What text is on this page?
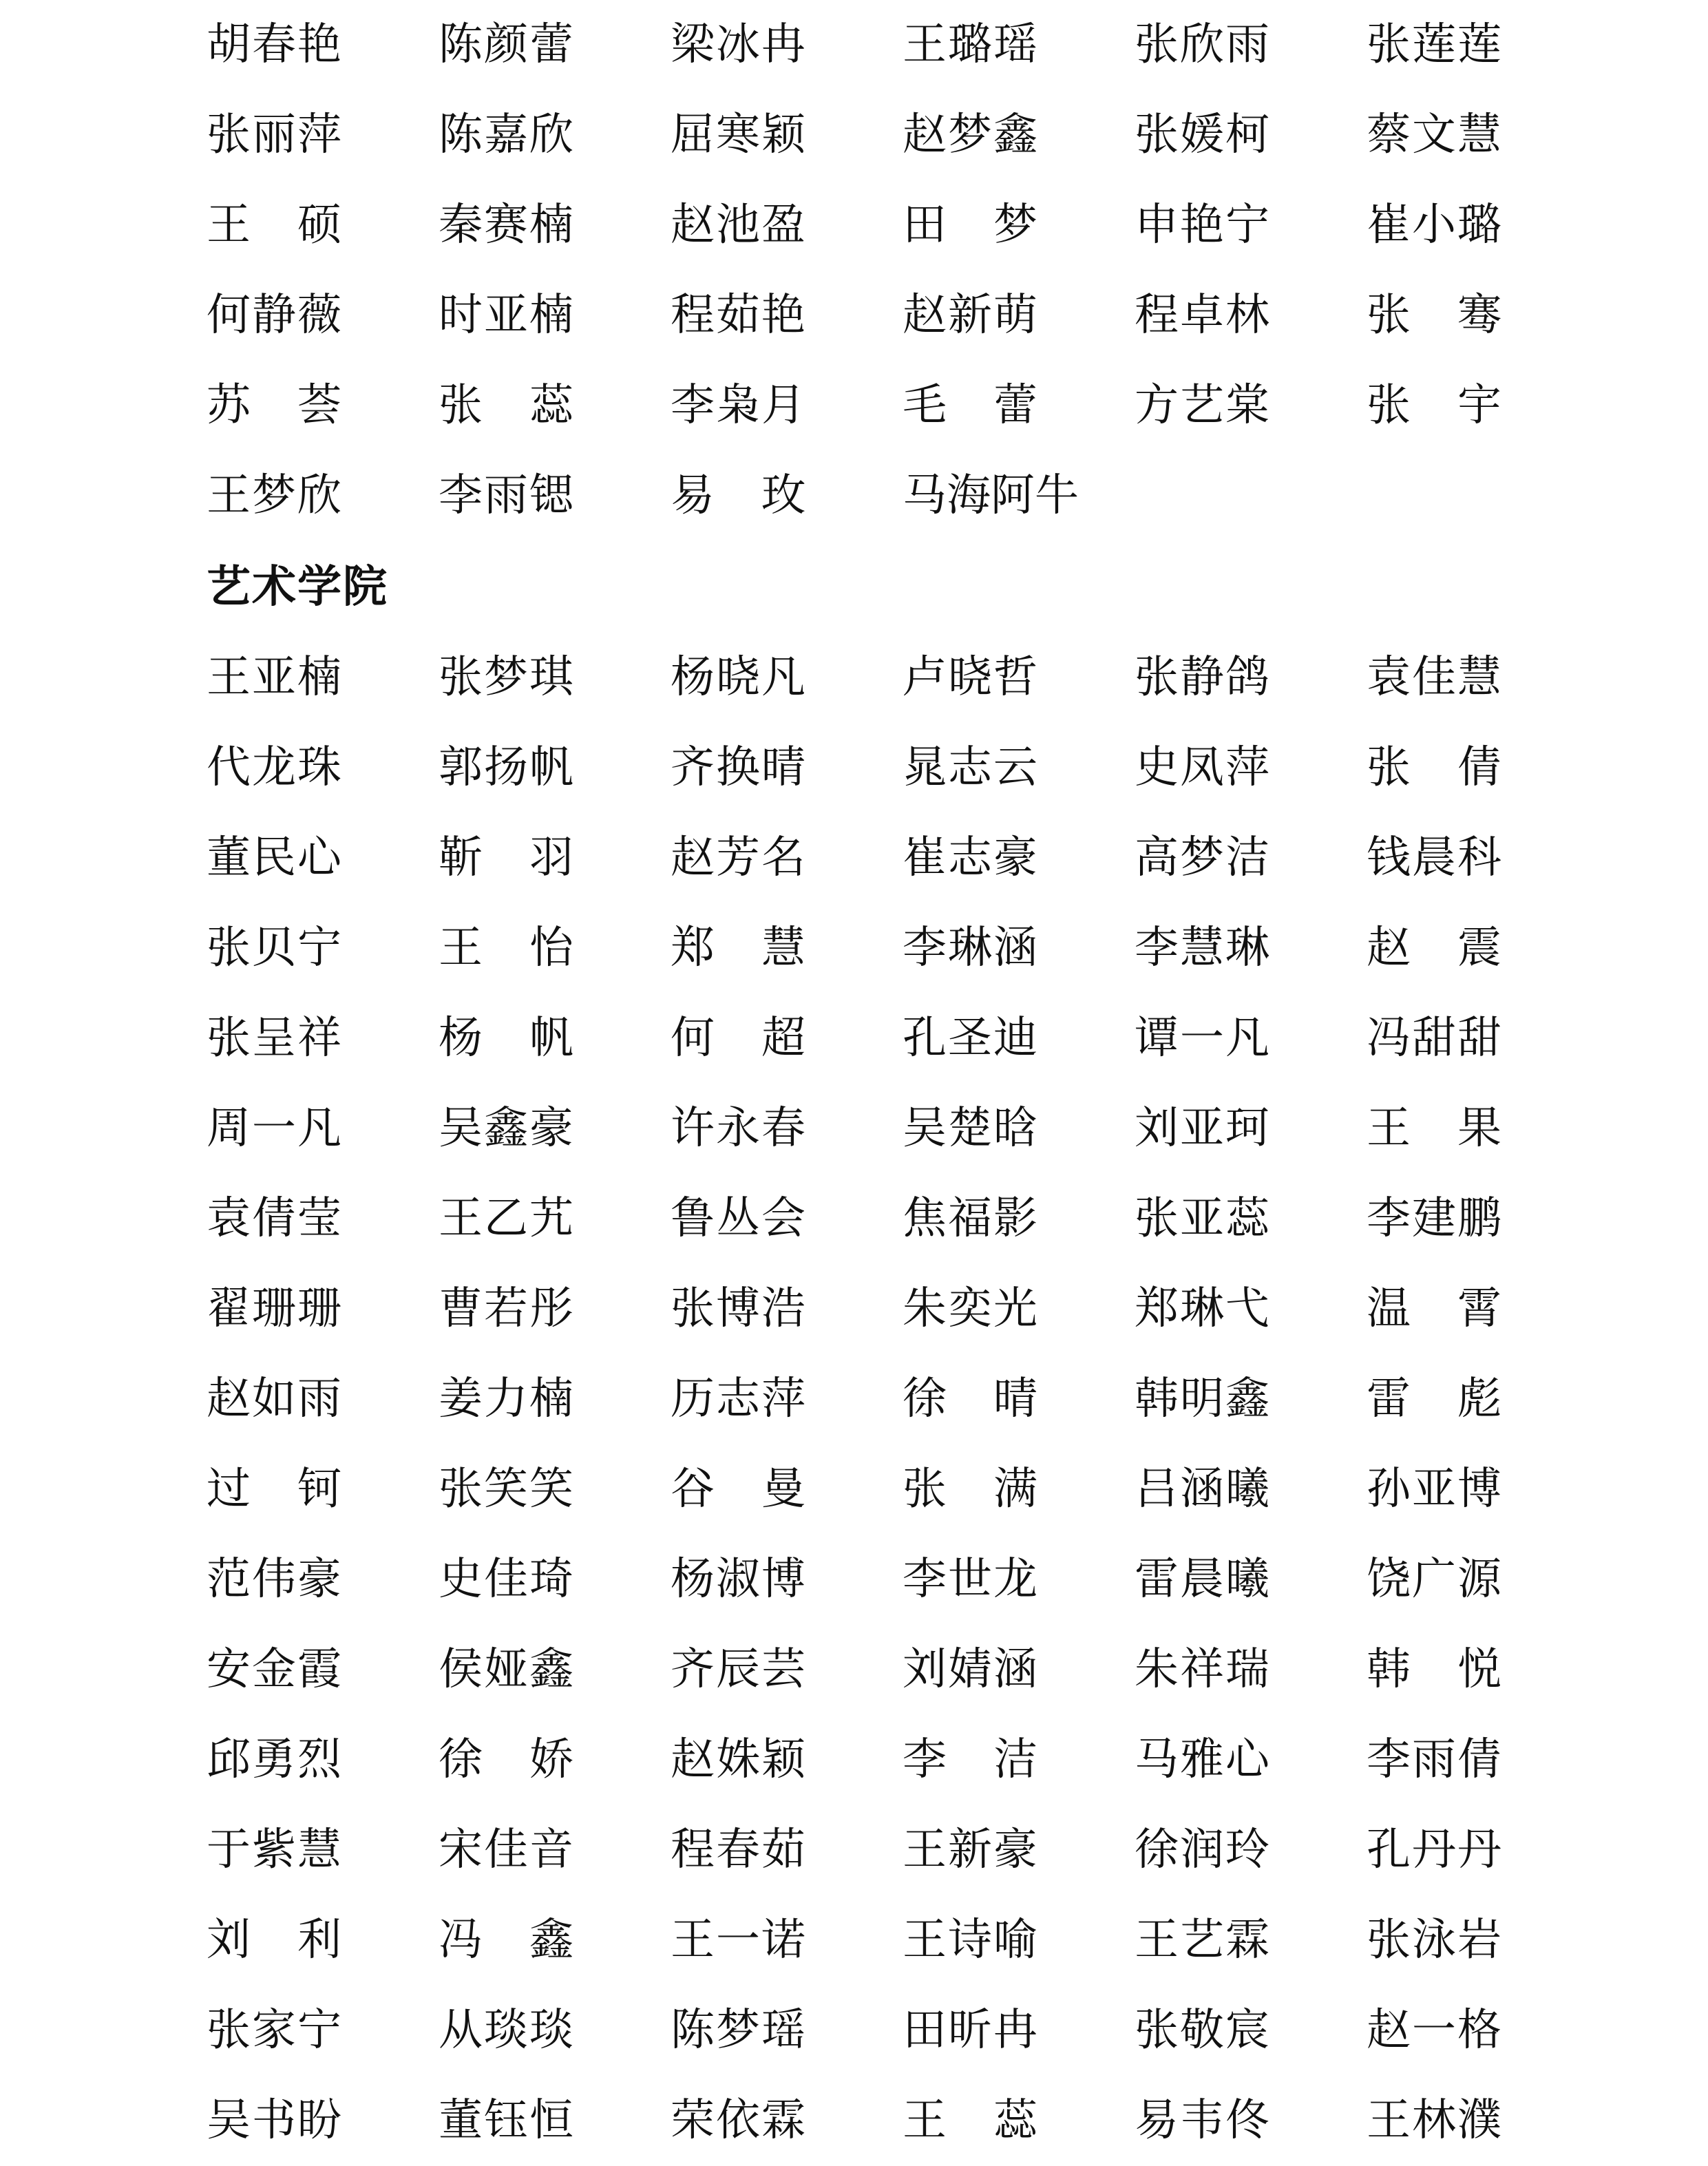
胡春艳	陈颜蕾	梁冰冉	王璐瑶	张欣雨	张莲莲
张丽萍	陈嘉欣	屈寒颖	赵梦鑫	张媛柯	蔡文慧
王　硕	秦赛楠	赵池盈	田　梦	申艳宁	崔小璐
何静薇	时亚楠	程茹艳	赵新萌	程卓林	张　骞
苏　荟	张　蕊	李枭月	毛　蕾	方艺棠	张　宇
王梦欣	李雨锶	易　玫	马海阿牛
艺术学院
王亚楠	张梦琪	杨晓凡	卢晓哲	张静鸽	袁佳慧
代龙珠	郭扬帆	齐换晴	晁志云	史凤萍	张　倩
董民心	靳　羽	赵芳名	崔志豪	高梦洁	钱晨科
张贝宁	王　怡	郑　慧	李琳涵	李慧琳	赵　震
张呈祥	杨　帆	何　超	孔圣迪	谭一凡	冯甜甜
周一凡	吴鑫豪	许永春	吴楚晗	刘亚珂	王　果
袁倩莹	王乙艽	鲁丛会	焦福影	张亚蕊	李建鹏
翟珊珊	曹若彤	张博浩	朱奕光	郑琳弋	温　霄
赵如雨	姜力楠	历志萍	徐　晴	韩明鑫	雷　彪
过　钶	张笑笑	谷　曼	张　满	吕涵曦	孙亚博
范伟豪	史佳琦	杨淑博	李世龙	雷晨曦	饶广源
安金霞	侯娅鑫	齐辰芸	刘婧涵	朱祥瑞	韩　悦
邱勇烈	徐　娇	赵姝颖	李　洁	马雅心	李雨倩
于紫慧	宋佳音	程春茹	王新豪	徐润玲	孔丹丹
刘　利	冯　鑫	王一诺	王诗喻	王艺霖	张泳岩
张家宁	从琰琰	陈梦瑶	田昕冉	张敬宸	赵一格
吴书盼	董钰恒	荣依霖	王　蕊	易韦佟	王林濮
